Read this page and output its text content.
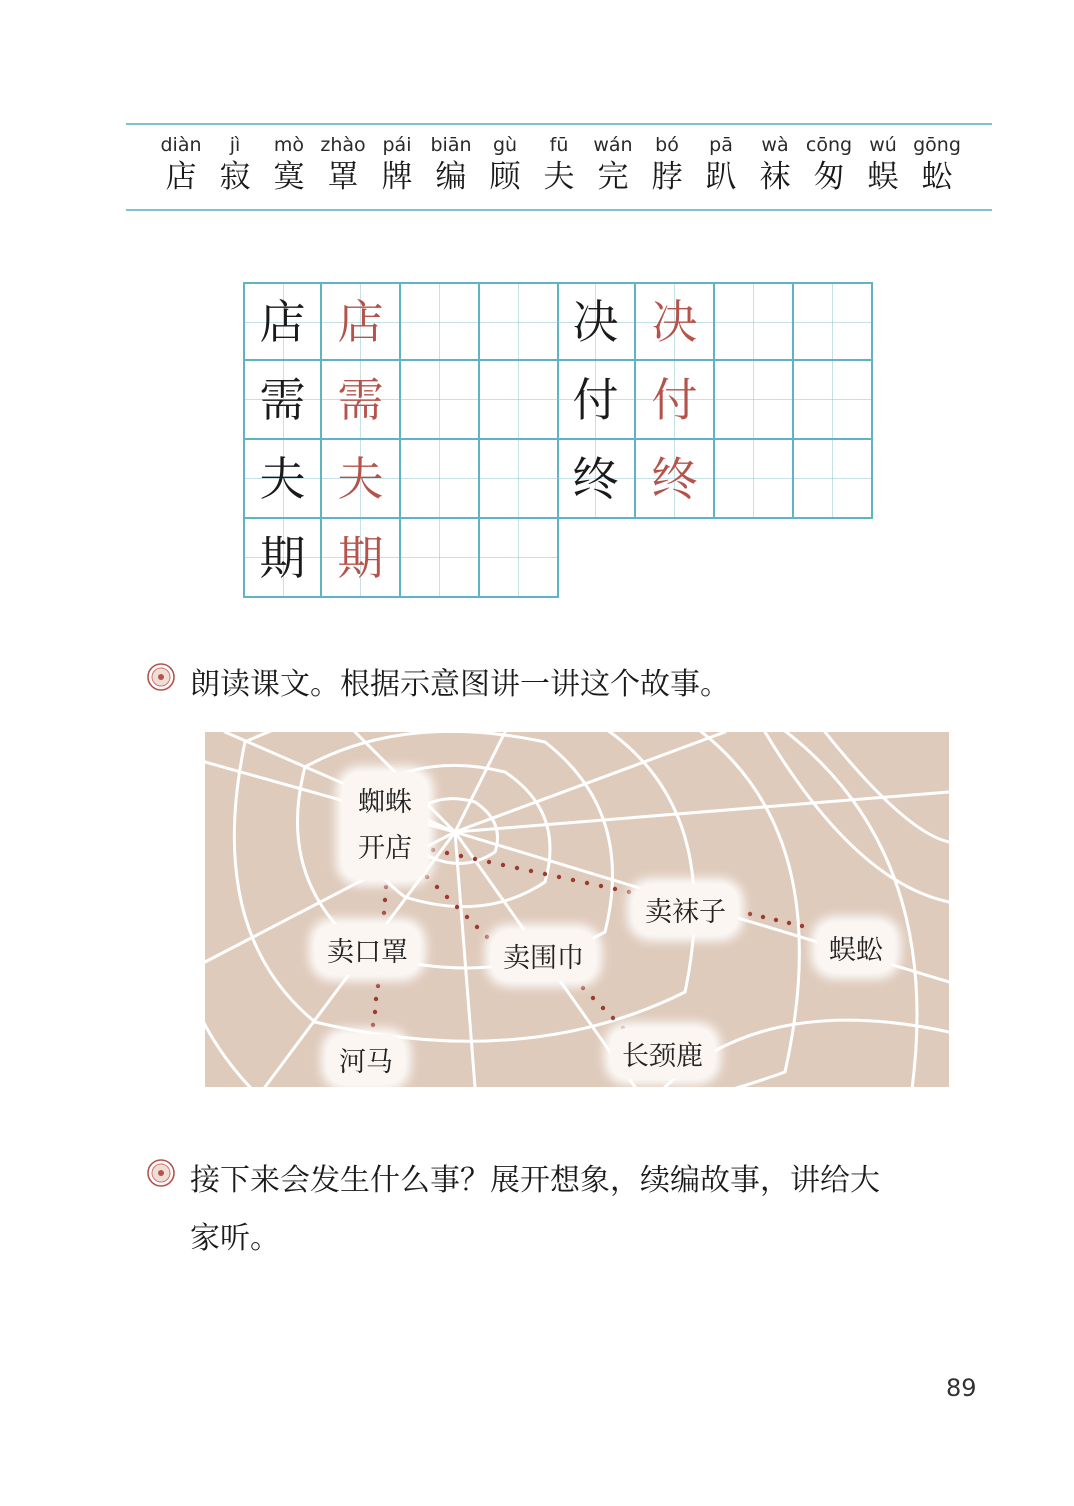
diàn
店
jì
寂
mò
寞
zhào
罩
pái
牌
biān
编
gù
顾
fū
夫
wán
完
bó
脖
pā
趴
wà
袜
cōng
匆
wú
蜈
gōng
蚣
店 店
需 需
夫 夫
期 期
决 决
付 付
终 终
朗读课文。根据示意图讲一讲这个故事。
蜘蛛
开店
卖口罩
河马
卖围巾
长颈鹿
卖袜子
蜈蚣
接下来会发生什么事？展开想象，续编故事，讲给大
家听。
89
